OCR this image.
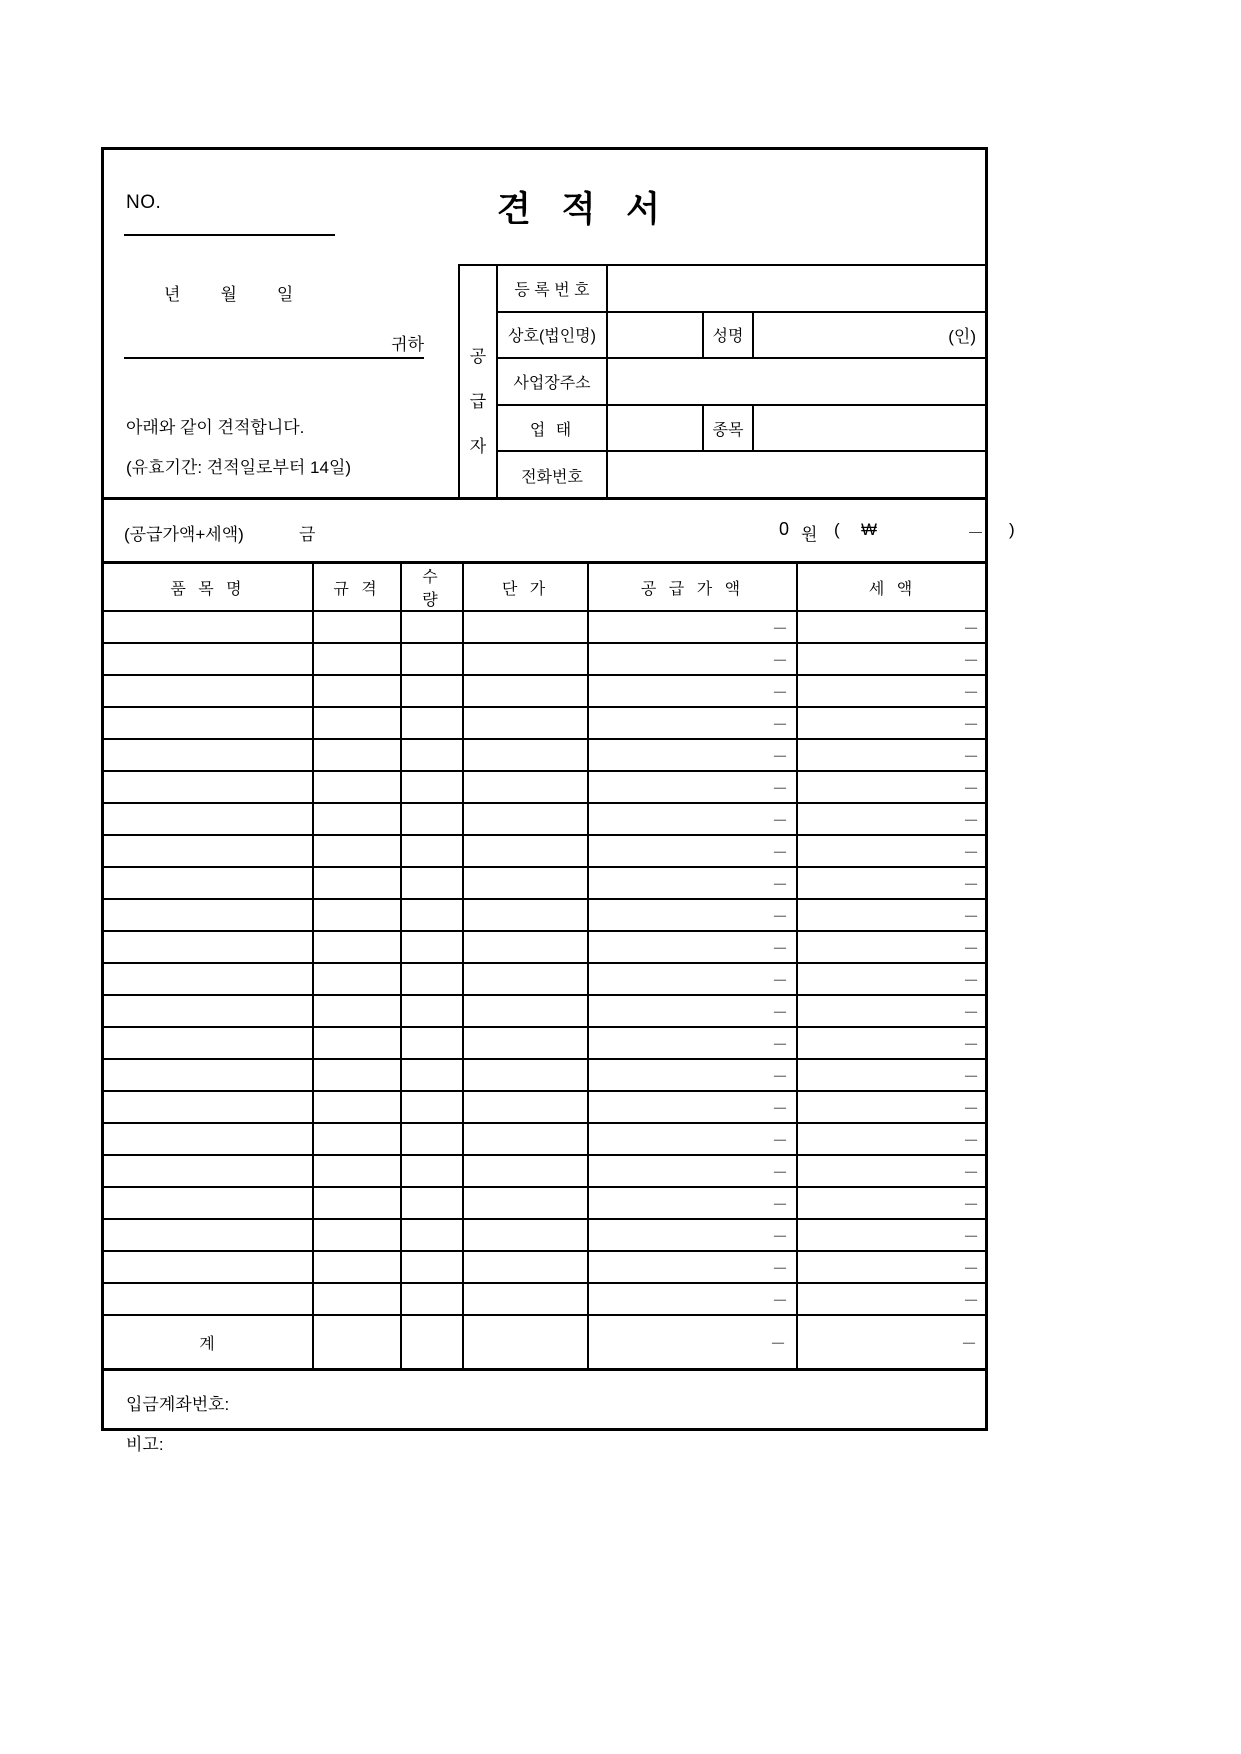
NO.	견 적 서
년 월 일
귀하
아래와 같이 견적합니다.
(유효기간: 견적일로부터 14일)
공
급
자
등 록 번 호
상호(법인명)	성명	(인)
사업장주소
업 태	종목
전화번호
(공급가액+세액)	금	0 원 ( ₩	－ )
품 목 명	규 격	수 량	단 가	공 급 가 액	세 액
				－	－
				－	－
				－	－
				－	－
				－	－
				－	－
				－	－
				－	－
				－	－
				－	－
				－	－
				－	－
				－	－
				－	－
				－	－
				－	－
				－	－
				－	－
				－	－
				－	－
				－	－
				－	－
계				－	－
입금계좌번호:
비고:
